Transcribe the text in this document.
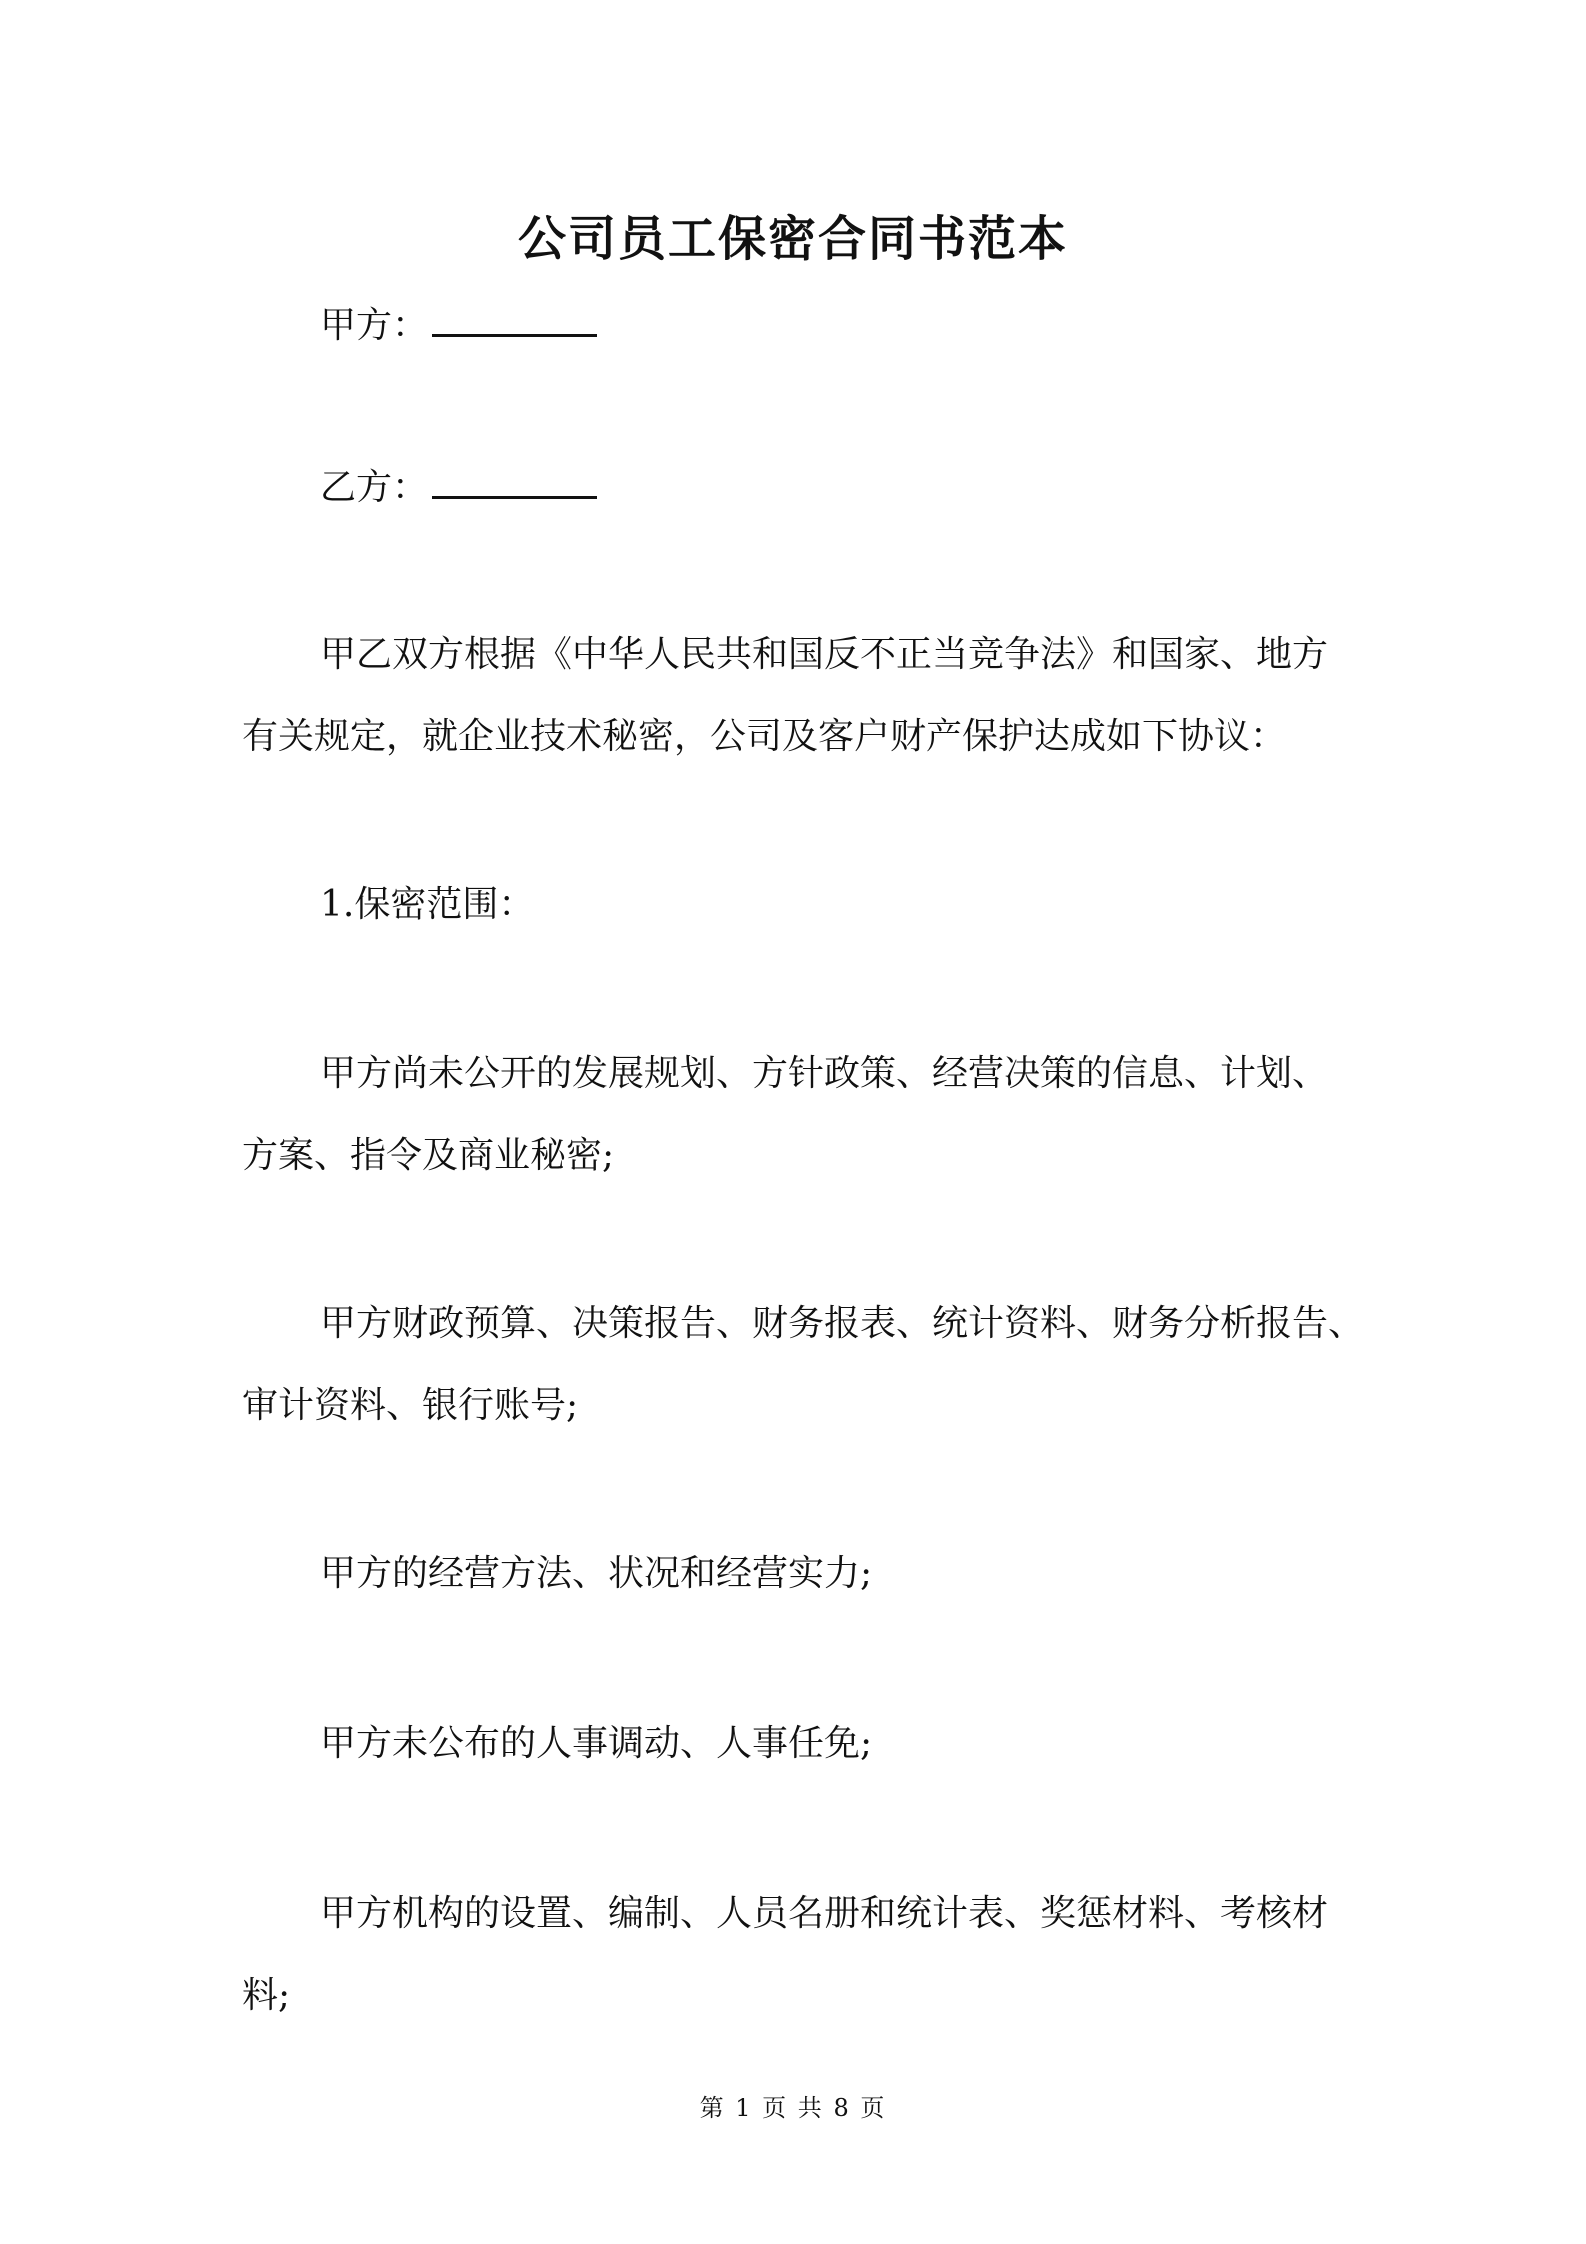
公司员工保密合同书范本
甲方：
乙方：

甲乙双方根据《中华人民共和国反不正当竞争法》和国家、地方
有关规定，就企业技术秘密，公司及客户财产保护达成如下协议：

1.保密范围：

甲方尚未公开的发展规划、方针政策、经营决策的信息、计划、
方案、指令及商业秘密;

甲方财政预算、决策报告、财务报表、统计资料、财务分析报告、
审计资料、银行账号;

甲方的经营方法、状况和经营实力;

甲方未公布的人事调动、人事任免;

甲方机构的设置、编制、人员名册和统计表、奖惩材料、考核材
料;

第 1 页 共 8 页
